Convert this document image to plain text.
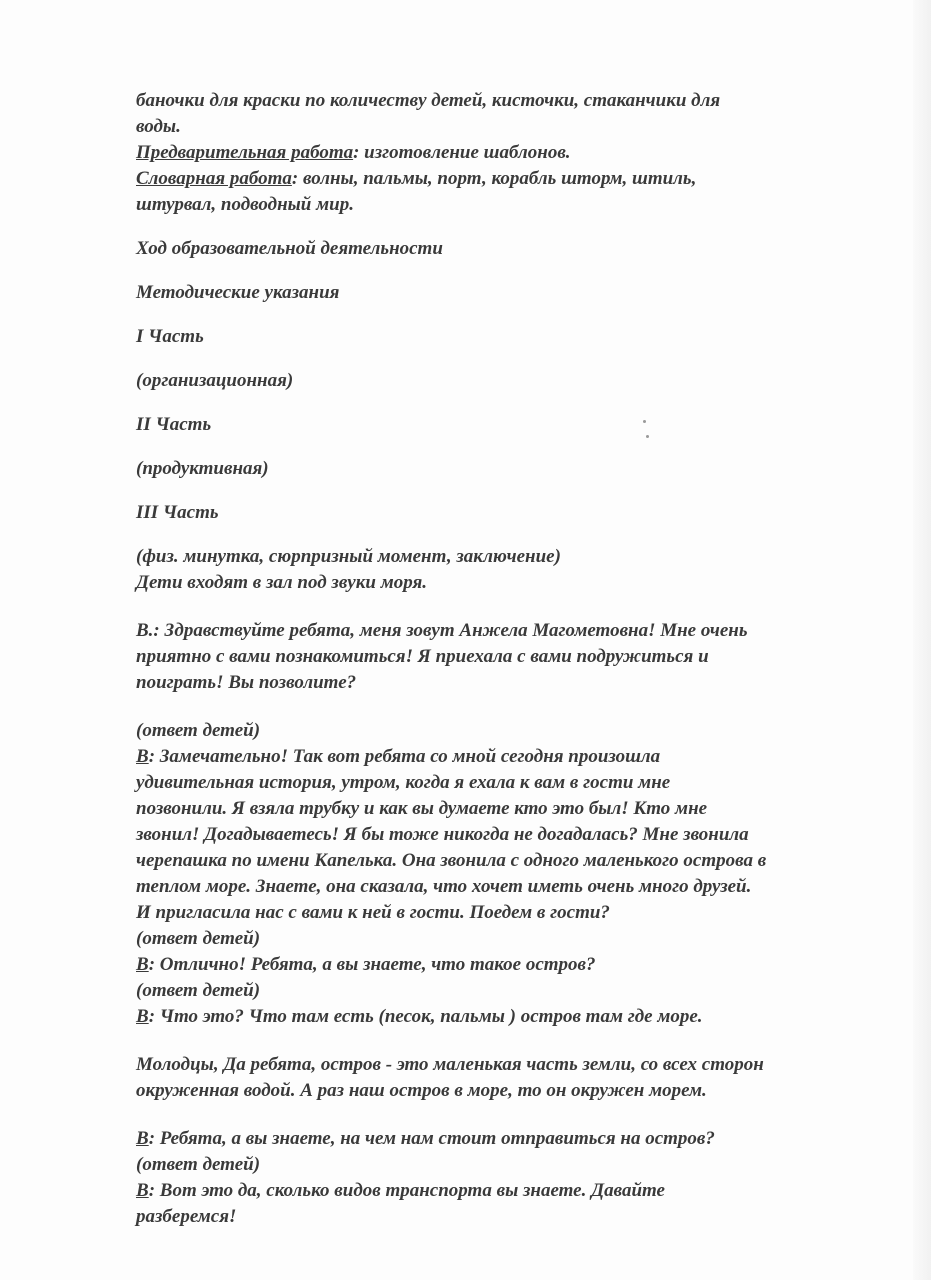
баночки для краски по количеству детей, кисточки, стаканчики для
воды.
Предварительная работа: изготовление шаблонов.
Словарная работа: волны, пальмы, порт, корабль шторм, штиль,
штурвал, подводный мир.
Ход образовательной деятельности
Методические указания
I Часть
(организационная)
II Часть
(продуктивная)
III Часть
(физ. минутка, сюрпризный момент, заключение)
Дети входят в зал под звуки моря.
В.: Здравствуйте ребята, меня зовут Анжела Магометовна! Мне очень
приятно с вами познакомиться! Я приехала с вами подружиться и
поиграть! Вы позволите?
(ответ детей)
В: Замечательно! Так вот ребята со мной сегодня произошла
удивительная история, утром, когда я ехала к вам в гости мне
позвонили. Я взяла трубку и как вы думаете кто это был! Кто мне
звонил! Догадываетесь! Я бы тоже никогда не догадалась? Мне звонила
черепашка по имени Капелька. Она звонила с одного маленького острова в
теплом море. Знаете, она сказала, что хочет иметь очень много друзей.
И пригласила нас с вами к ней в гости. Поедем в гости?
(ответ детей)
В: Отлично! Ребята, а вы знаете, что такое остров?
(ответ детей)
В: Что это? Что там есть (песок, пальмы ) остров там где море.
Молодцы, Да ребята, остров - это маленькая часть земли, со всех сторон
окруженная водой. А раз наш остров в море, то он окружен морем.
В: Ребята, а вы знаете, на чем нам стоит отправиться на остров?
(ответ детей)
В: Вот это да, сколько видов транспорта вы знаете. Давайте
разберемся!
